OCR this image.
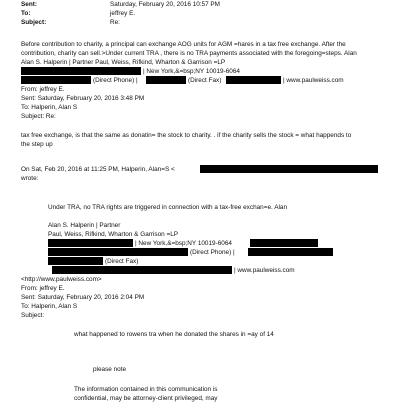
Sent:	Saturday, February 20, 2016 10:57 PM
To:	jeffrey E.
Subject:	Re:
Before contribution to charity, a principal can exchange AOG units for AGM =hares in a tax free exchange. After the
contribution, charity can sell.>Under current TRA , there is no TRA payments associated with the foregoing=steps. Alan
Alan S. Halperin | Partner Paul, Weiss, Rifkind, Wharton & Garrison =LP
| New York,&=bsp;NY 10019-6064
(Direct Phone) |	(Direct Fax)	| www.paulweiss.com
From: jeffrey E.
Sent: Saturday, February 20, 2016 3:48 PM
To: Halperin, Alan S
Subject: Re:
tax free exchange, is that the same as donatin= the stock to charity. . if the charity sells the stock = what happends to
the step up
On Sat, Feb 20, 2016 at 11:25 PM, Halperin, Alan=S <
wrote:
Under TRA, no TRA rights are triggered in connection with a tax-free exchan=e. Alan
Alan S. Halperin | Partner
Paul, Weiss, Rifkind, Wharton & Garrison =LP
| New York,&=bsp;NY 10019-6064
(Direct Phone) |
(Direct Fax)
| www.paulweiss.com
<http://www.paulweiss.com>
From: jeffrey E.
Sent: Saturday, February 20, 2016 2:04 PM
To: Halperin, Alan S
Subject:
what happened to rowens tra when he donated the shares in =ay of 14
please note
The information contained in this communication is
confidential, may be attorney-client privileged, may
